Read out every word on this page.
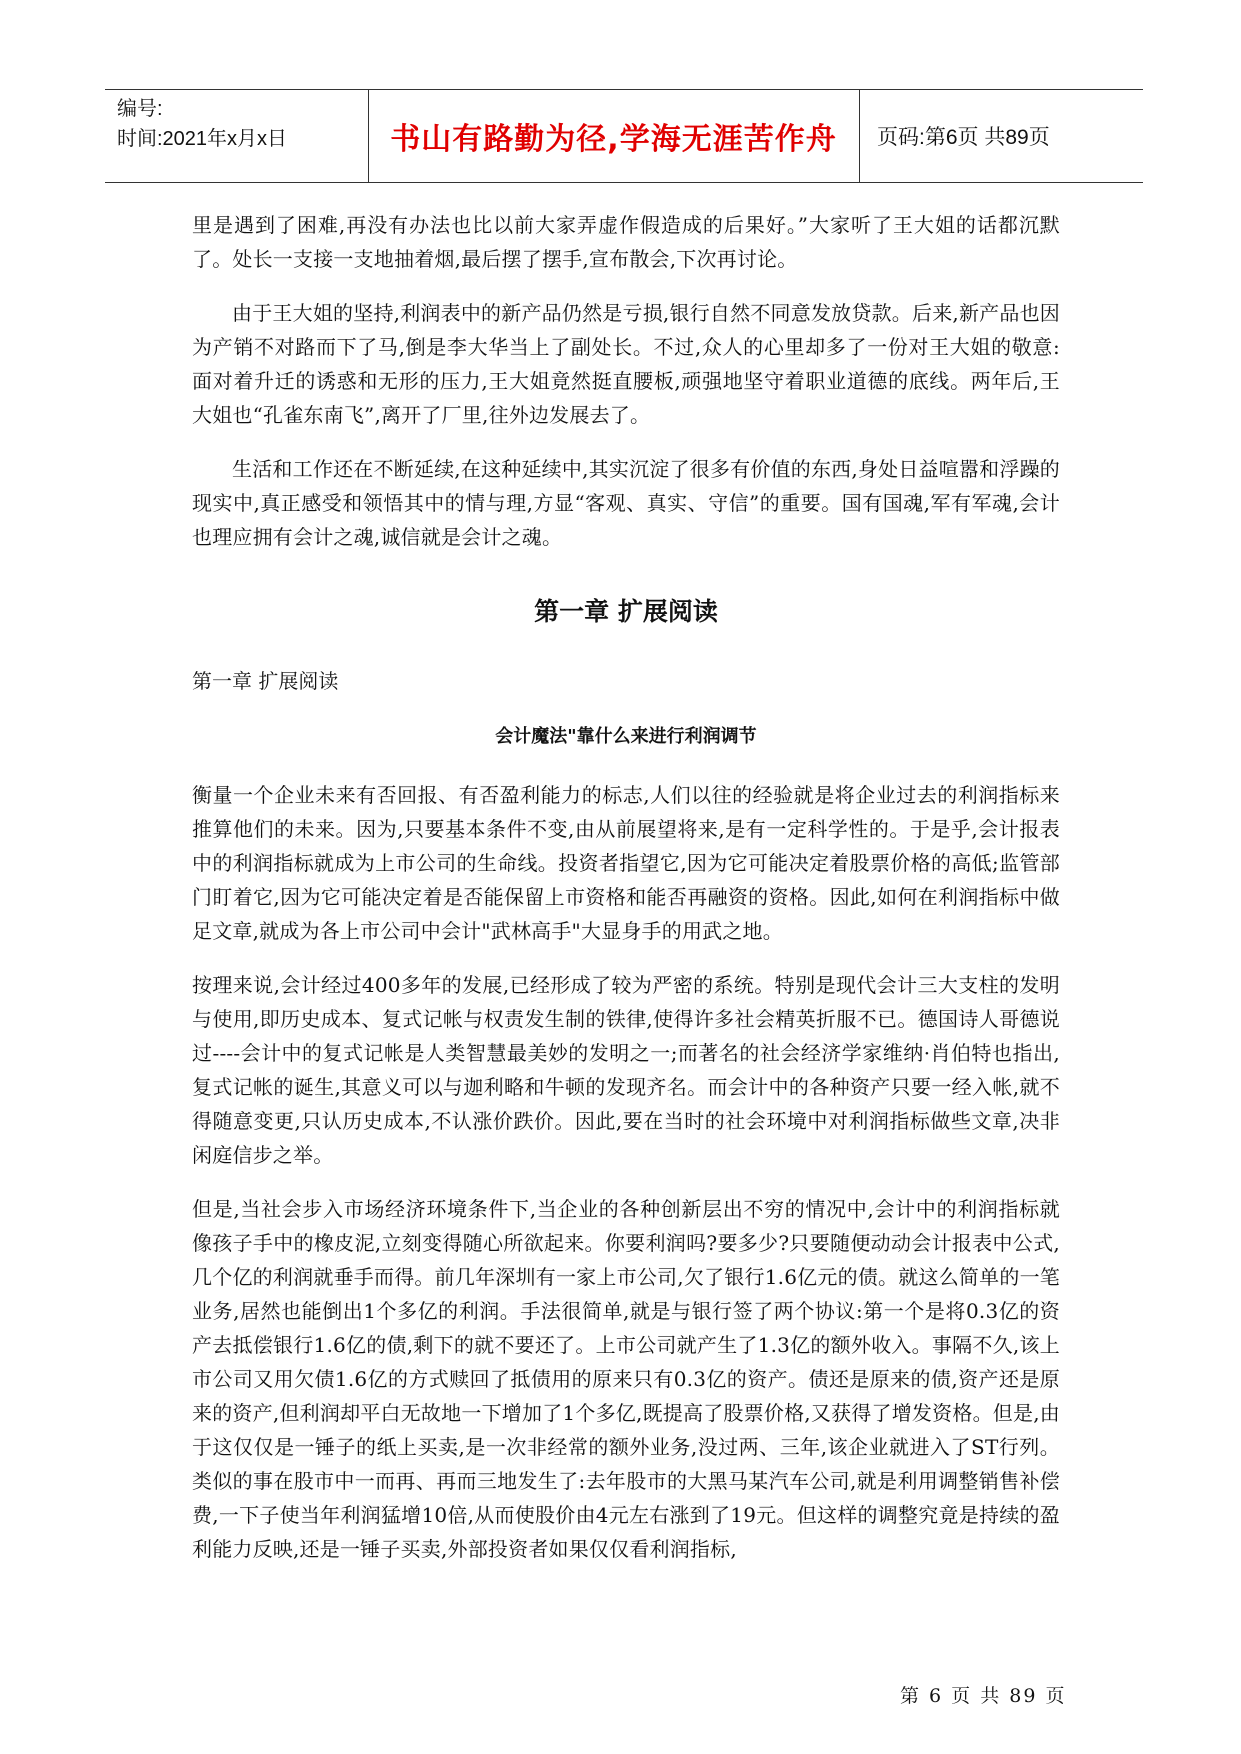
编号:
时间:2021年x月x日	书山有路勤为径,学海无涯苦作舟	页码:第6页 共89页

里是遇到了困难,再没有办法也比以前大家弄虚作假造成的后果好。”大家听了王大姐的话都沉默了。处长一支接一支地抽着烟,最后摆了摆手,宣布散会,下次再讨论。

由于王大姐的坚持,利润表中的新产品仍然是亏损,银行自然不同意发放贷款。后来,新产品也因为产销不对路而下了马,倒是李大华当上了副处长。不过,众人的心里却多了一份对王大姐的敬意:面对着升迁的诱惑和无形的压力,王大姐竟然挺直腰板,顽强地坚守着职业道德的底线。两年后,王大姐也“孔雀东南飞”,离开了厂里,往外边发展去了。

生活和工作还在不断延续,在这种延续中,其实沉淀了很多有价值的东西,身处日益喧嚣和浮躁的现实中,真正感受和领悟其中的情与理,方显“客观、真实、守信”的重要。国有国魂,军有军魂,会计也理应拥有会计之魂,诚信就是会计之魂。

第一章 扩展阅读

第一章 扩展阅读

会计魔法"靠什么来进行利润调节

衡量一个企业未来有否回报、有否盈利能力的标志,人们以往的经验就是将企业过去的利润指标来推算他们的未来。因为,只要基本条件不变,由从前展望将来,是有一定科学性的。于是乎,会计报表中的利润指标就成为上市公司的生命线。投资者指望它,因为它可能决定着股票价格的高低;监管部门盯着它,因为它可能决定着是否能保留上市资格和能否再融资的资格。因此,如何在利润指标中做足文章,就成为各上市公司中会计"武林高手"大显身手的用武之地。

按理来说,会计经过400多年的发展,已经形成了较为严密的系统。特别是现代会计三大支柱的发明与使用,即历史成本、复式记帐与权责发生制的铁律,使得许多社会精英折服不已。德国诗人哥德说过----会计中的复式记帐是人类智慧最美妙的发明之一;而著名的社会经济学家维纳·肖伯特也指出,复式记帐的诞生,其意义可以与迦利略和牛顿的发现齐名。而会计中的各种资产只要一经入帐,就不得随意变更,只认历史成本,不认涨价跌价。因此,要在当时的社会环境中对利润指标做些文章,决非闲庭信步之举。

但是,当社会步入市场经济环境条件下,当企业的各种创新层出不穷的情况中,会计中的利润指标就像孩子手中的橡皮泥,立刻变得随心所欲起来。你要利润吗?要多少?只要随便动动会计报表中公式,几个亿的利润就垂手而得。前几年深圳有一家上市公司,欠了银行1.6亿元的债。就这么简单的一笔业务,居然也能倒出1个多亿的利润。手法很简单,就是与银行签了两个协议:第一个是将0.3亿的资产去抵偿银行1.6亿的债,剩下的就不要还了。上市公司就产生了1.3亿的额外收入。事隔不久,该上市公司又用欠债1.6亿的方式赎回了抵债用的原来只有0.3亿的资产。债还是原来的债,资产还是原来的资产,但利润却平白无故地一下增加了1个多亿,既提高了股票价格,又获得了增发资格。但是,由于这仅仅是一锤子的纸上买卖,是一次非经常的额外业务,没过两、三年,该企业就进入了ST行列。类似的事在股市中一而再、再而三地发生了:去年股市的大黑马某汽车公司,就是利用调整销售补偿费,一下子使当年利润猛增10倍,从而使股价由4元左右涨到了19元。但这样的调整究竟是持续的盈利能力反映,还是一锤子买卖,外部投资者如果仅仅看利润指标,

第 6 页 共 89 页
